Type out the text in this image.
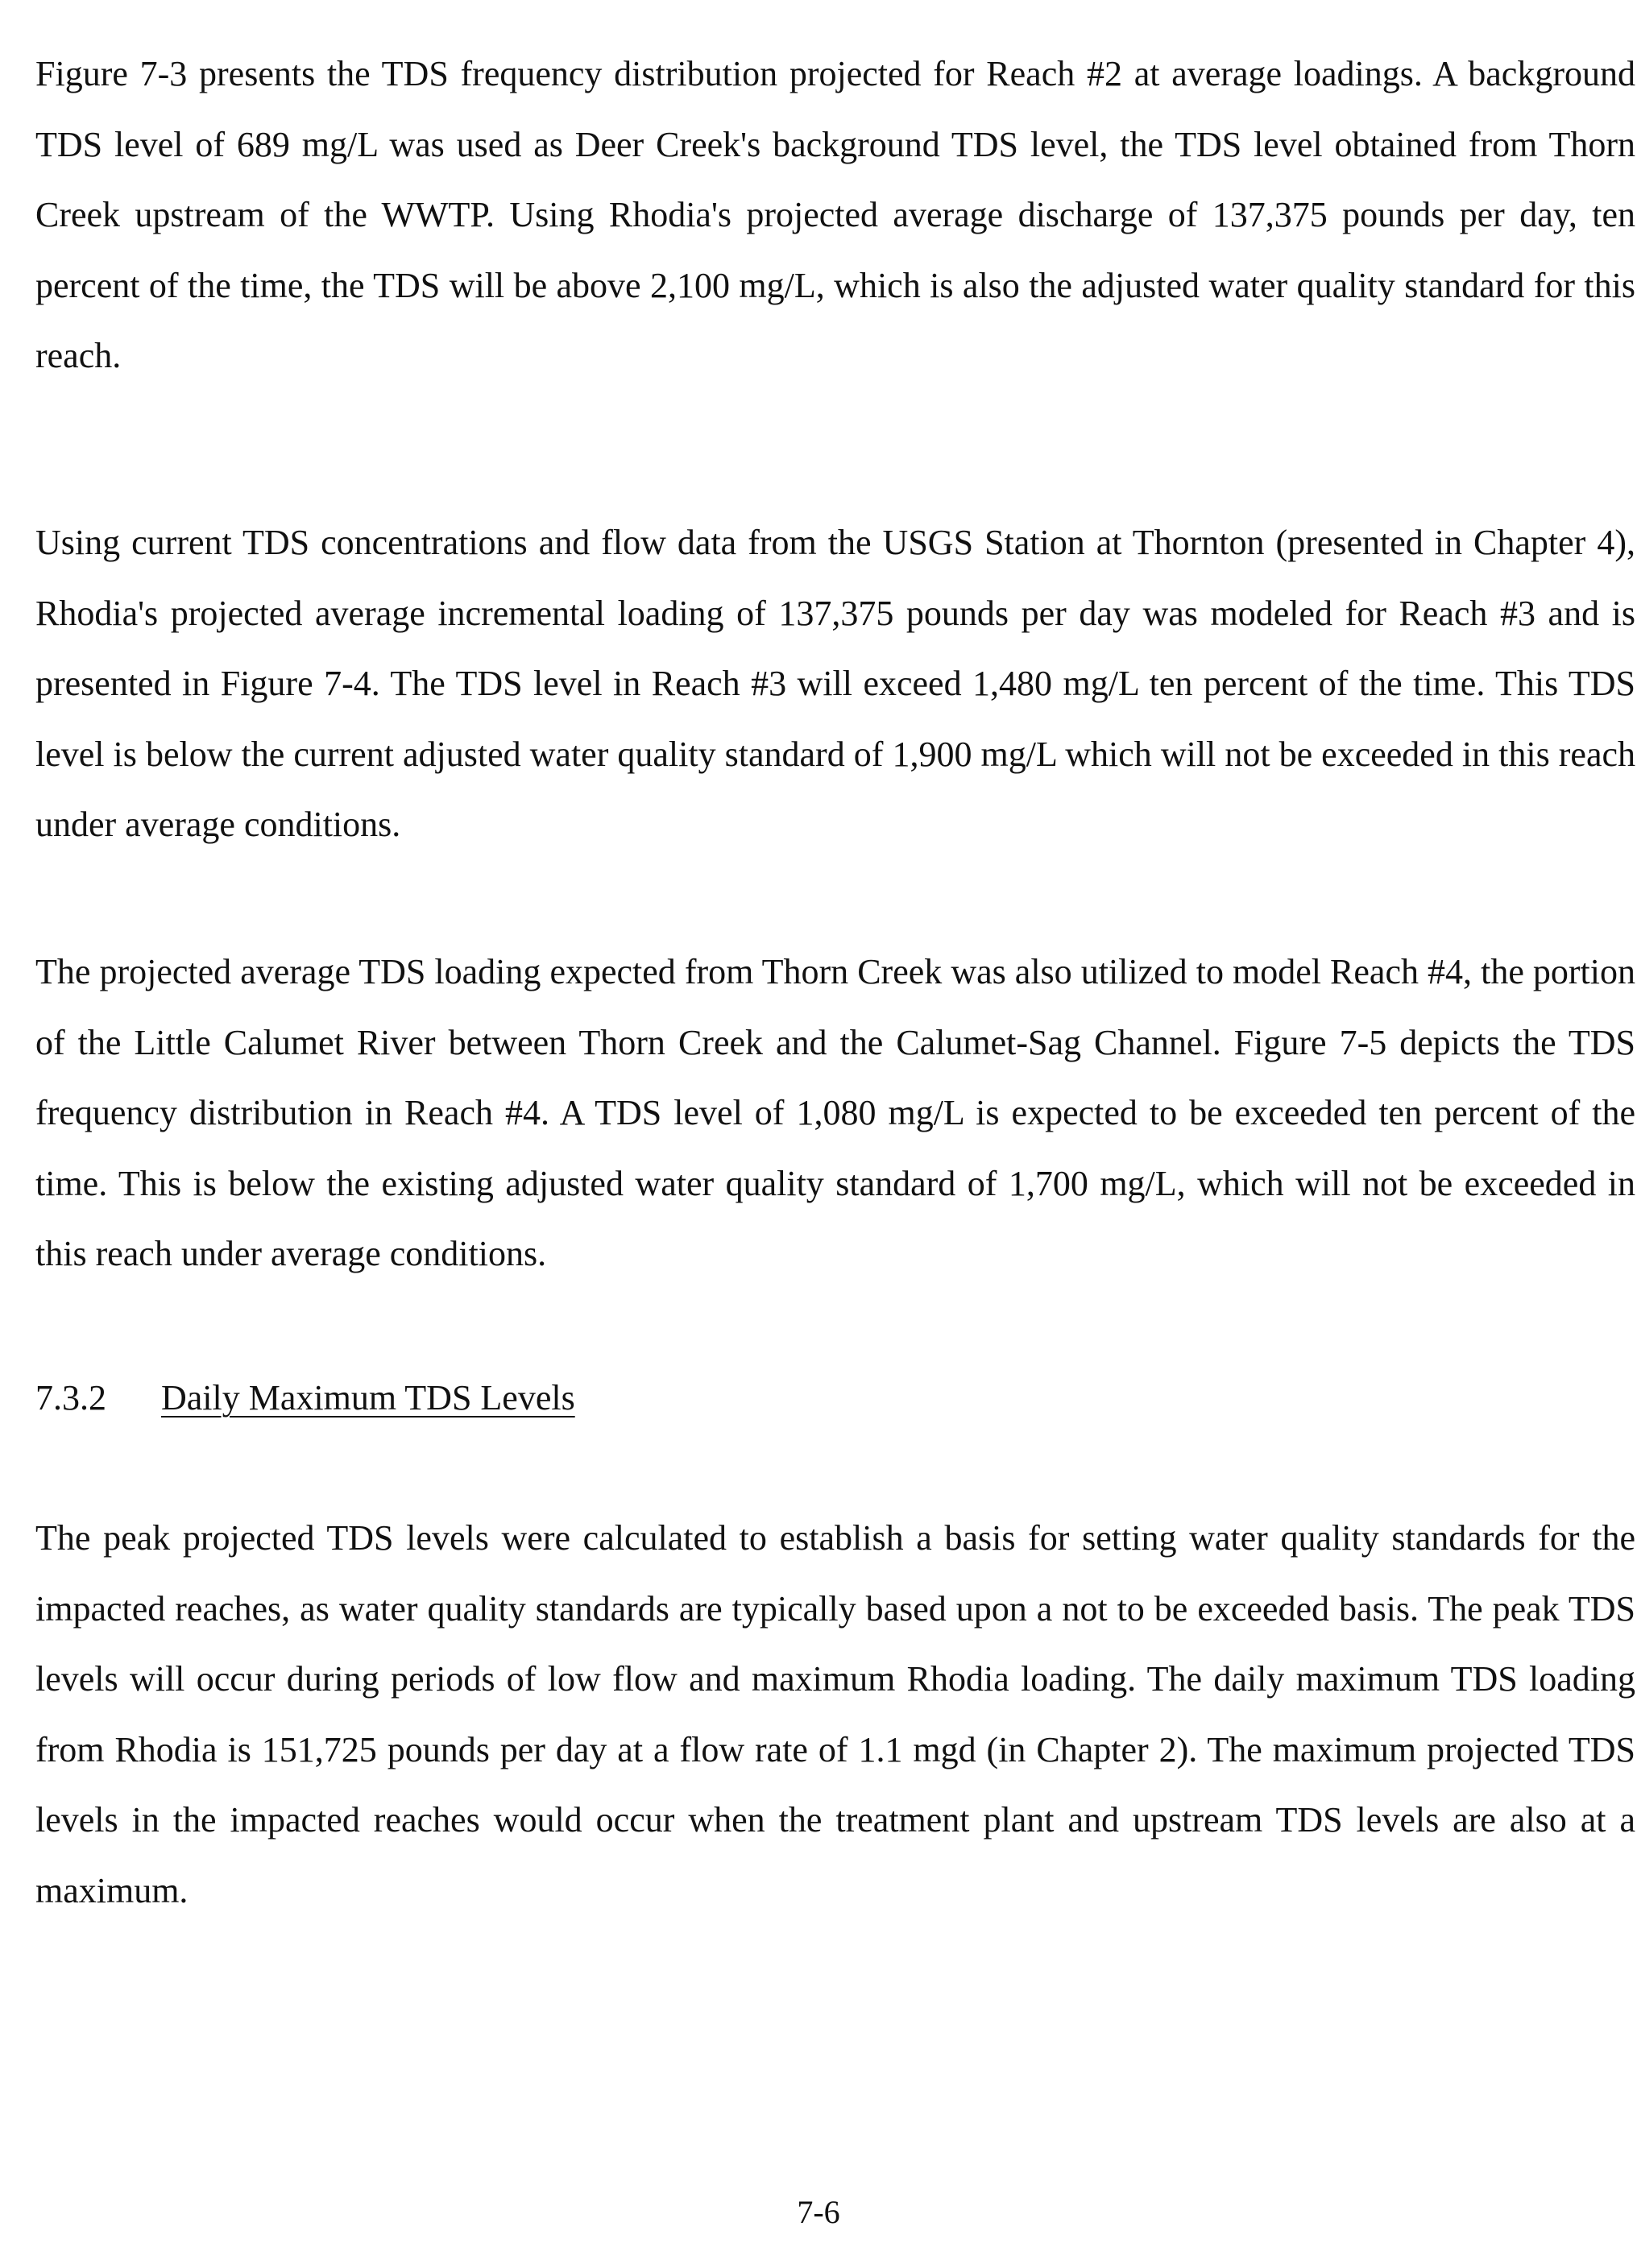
Figure 7-3 presents the TDS frequency distribution projected for Reach #2 at average loadings. A background TDS level of 689 mg/L was used as Deer Creek's background TDS level, the TDS level obtained from Thorn Creek upstream of the WWTP. Using Rhodia's projected average discharge of 137,375 pounds per day, ten percent of the time, the TDS will be above 2,100 mg/L, which is also the adjusted water quality standard for this reach.

Using current TDS concentrations and flow data from the USGS Station at Thornton (presented in Chapter 4), Rhodia's projected average incremental loading of 137,375 pounds per day was modeled for Reach #3 and is presented in Figure 7-4. The TDS level in Reach #3 will exceed 1,480 mg/L ten percent of the time. This TDS level is below the current adjusted water quality standard of 1,900 mg/L which will not be exceeded in this reach under average conditions.

The projected average TDS loading expected from Thorn Creek was also utilized to model Reach #4, the portion of the Little Calumet River between Thorn Creek and the Calumet-Sag Channel. Figure 7-5 depicts the TDS frequency distribution in Reach #4. A TDS level of 1,080 mg/L is expected to be exceeded ten percent of the time. This is below the existing adjusted water quality standard of 1,700 mg/L, which will not be exceeded in this reach under average conditions.

7.3.2 Daily Maximum TDS Levels

The peak projected TDS levels were calculated to establish a basis for setting water quality standards for the impacted reaches, as water quality standards are typically based upon a not to be exceeded basis. The peak TDS levels will occur during periods of low flow and maximum Rhodia loading. The daily maximum TDS loading from Rhodia is 151,725 pounds per day at a flow rate of 1.1 mgd (in Chapter 2). The maximum projected TDS levels in the impacted reaches would occur when the treatment plant and upstream TDS levels are also at a maximum.

7-6
